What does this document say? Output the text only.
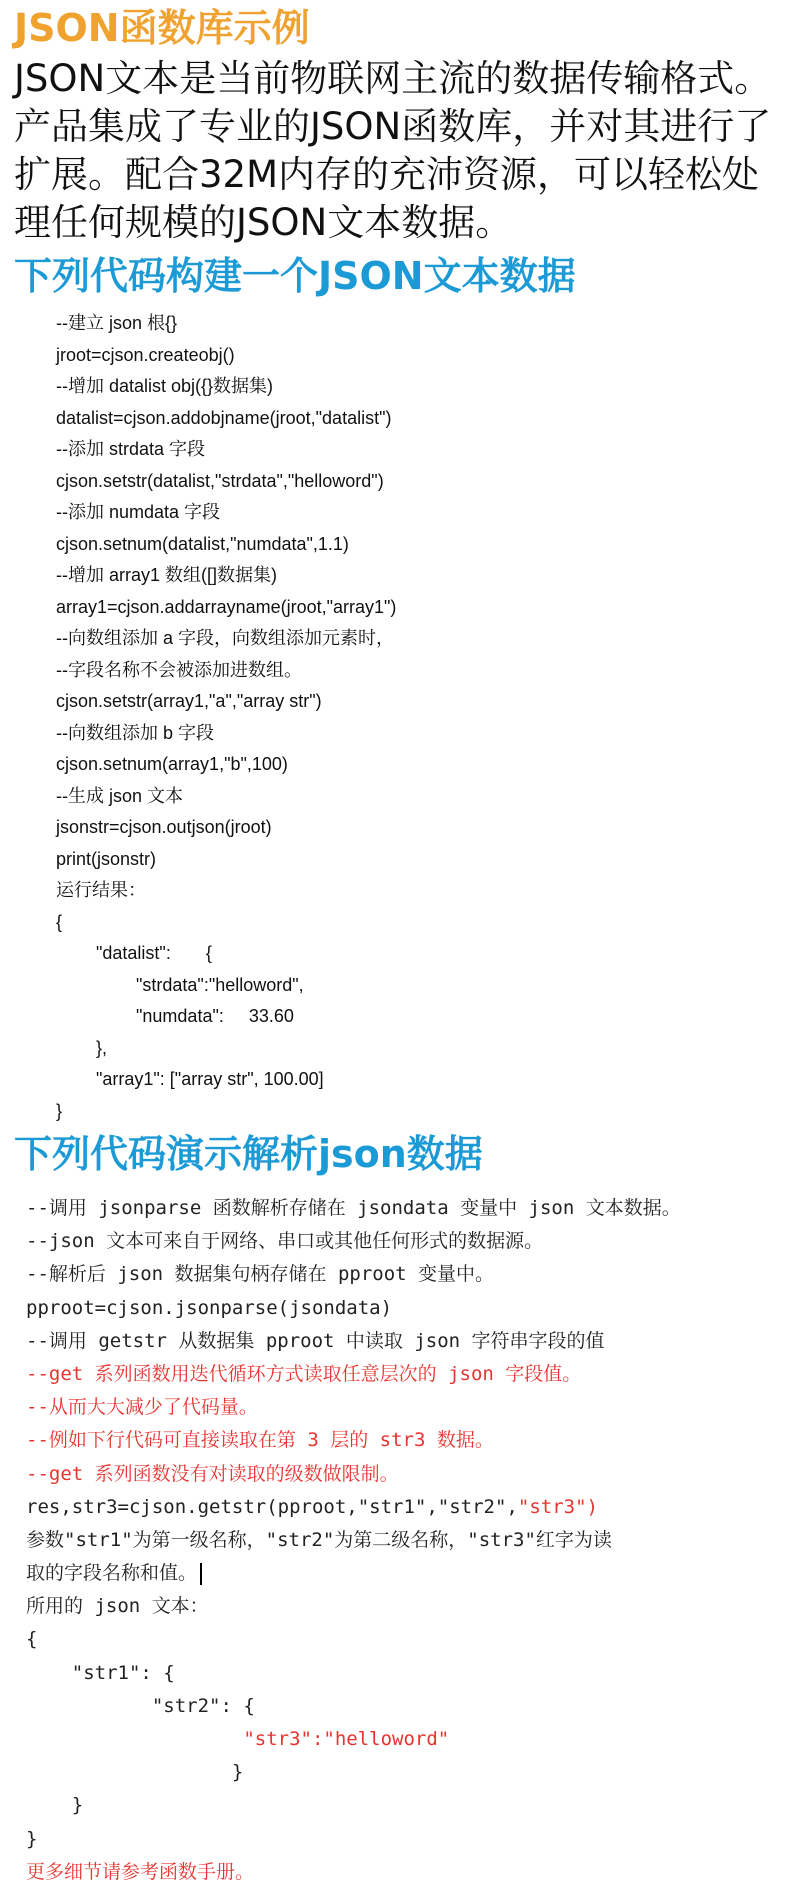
JSON函数库示例
JSON文本是当前物联网主流的数据传输格式。
产品集成了专业的JSON函数库，并对其进行了
扩展。配合32M内存的充沛资源，可以轻松处
理任何规模的JSON文本数据。
下列代码构建一个JSON文本数据
--建立 json 根{}
jroot=cjson.createobj()
--增加 datalist obj({}数据集)
datalist=cjson.addobjname(jroot,"datalist")
--添加 strdata 字段
cjson.setstr(datalist,"strdata","helloword")
--添加 numdata 字段
cjson.setnum(datalist,"numdata",1.1)
--增加 array1 数组([]数据集)
array1=cjson.addarrayname(jroot,"array1")
--向数组添加 a 字段，向数组添加元素时，
--字段名称不会被添加进数组。
cjson.setstr(array1,"a","array str")
--向数组添加 b 字段
cjson.setnum(array1,"b",100)
--生成 json 文本
jsonstr=cjson.outjson(jroot)
print(jsonstr)
运行结果：
{
"datalist":       {
"strdata":"helloword",
"numdata":     33.60
},
"array1": ["array str", 100.00]
}
下列代码演示解析json数据
--调用 jsonparse 函数解析存储在 jsondata 变量中 json 文本数据。
--json 文本可来自于网络、串口或其他任何形式的数据源。
--解析后 json 数据集句柄存储在 pproot 变量中。
pproot=cjson.jsonparse(jsondata)
--调用 getstr 从数据集 pproot 中读取 json 字符串字段的值
--get 系列函数用迭代循环方式读取任意层次的 json 字段值。
--从而大大减少了代码量。
--例如下行代码可直接读取在第 3 层的 str3 数据。
--get 系列函数没有对读取的级数做限制。
res,str3=cjson.getstr(pproot,"str1","str2","str3")
参数"str1"为第一级名称，"str2"为第二级名称，"str3"红字为读
取的字段名称和值。
所用的 json 文本：
{
"str1": {
"str2": {
"str3":"helloword"
}
}
}
更多细节请参考函数手册。
